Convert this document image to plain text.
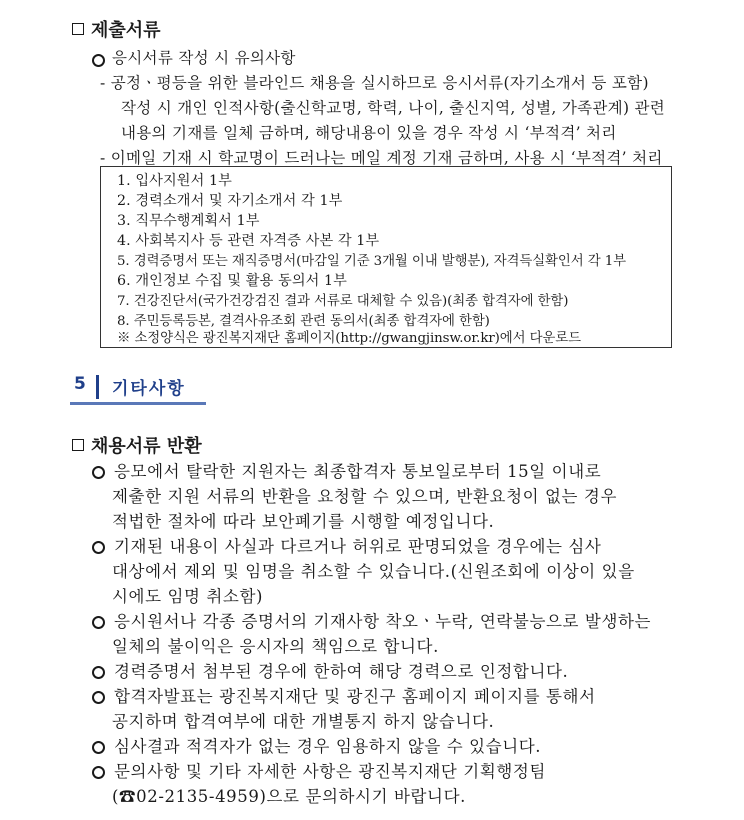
제출서류
응시서류 작성 시 유의사항
- 공정ㆍ평등을 위한 블라인드 채용을 실시하므로 응시서류(자기소개서 등 포함)
작성 시 개인 인적사항(출신학교명, 학력, 나이, 출신지역, 성별, 가족관계) 관련
내용의 기재를 일체 금하며, 해당내용이 있을 경우 작성 시 ‘부적격’ 처리
- 이메일 기재 시 학교명이 드러나는 메일 계정 기재 금하며, 사용 시 ‘부적격’ 처리
1. 입사지원서 1부
2. 경력소개서 및 자기소개서 각 1부
3. 직무수행계획서 1부
4. 사회복지사 등 관련 자격증 사본 각 1부
5. 경력증명서 또는 재직증명서(마감일 기준 3개월 이내 발행분), 자격득실확인서 각 1부
6. 개인정보 수집 및 활용 동의서 1부
7. 건강진단서(국가건강검진 결과 서류로 대체할 수 있음)(최종 합격자에 한함)
8. 주민등록등본, 결격사유조회 관련 동의서(최종 합격자에 한함)
※ 소정양식은 광진복지재단 홈페이지(http://gwangjinsw.or.kr)에서 다운로드
5 기타사항
채용서류 반환
응모에서 탈락한 지원자는 최종합격자 통보일로부터 15일 이내로
제출한 지원 서류의 반환을 요청할 수 있으며, 반환요청이 없는 경우
적법한 절차에 따라 보안폐기를 시행할 예정입니다.
기재된 내용이 사실과 다르거나 허위로 판명되었을 경우에는 심사
대상에서 제외 및 임명을 취소할 수 있습니다.(신원조회에 이상이 있을
시에도 임명 취소함)
응시원서나 각종 증명서의 기재사항 착오ㆍ누락, 연락불능으로 발생하는
일체의 불이익은 응시자의 책임으로 합니다.
경력증명서 첨부된 경우에 한하여 해당 경력으로 인정합니다.
합격자발표는 광진복지재단 및 광진구 홈페이지 페이지를 통해서
공지하며 합격여부에 대한 개별통지 하지 않습니다.
심사결과 적격자가 없는 경우 임용하지 않을 수 있습니다.
문의사항 및 기타 자세한 사항은 광진복지재단 기획행정팀
(☎02-2135-4959)으로 문의하시기 바랍니다.
